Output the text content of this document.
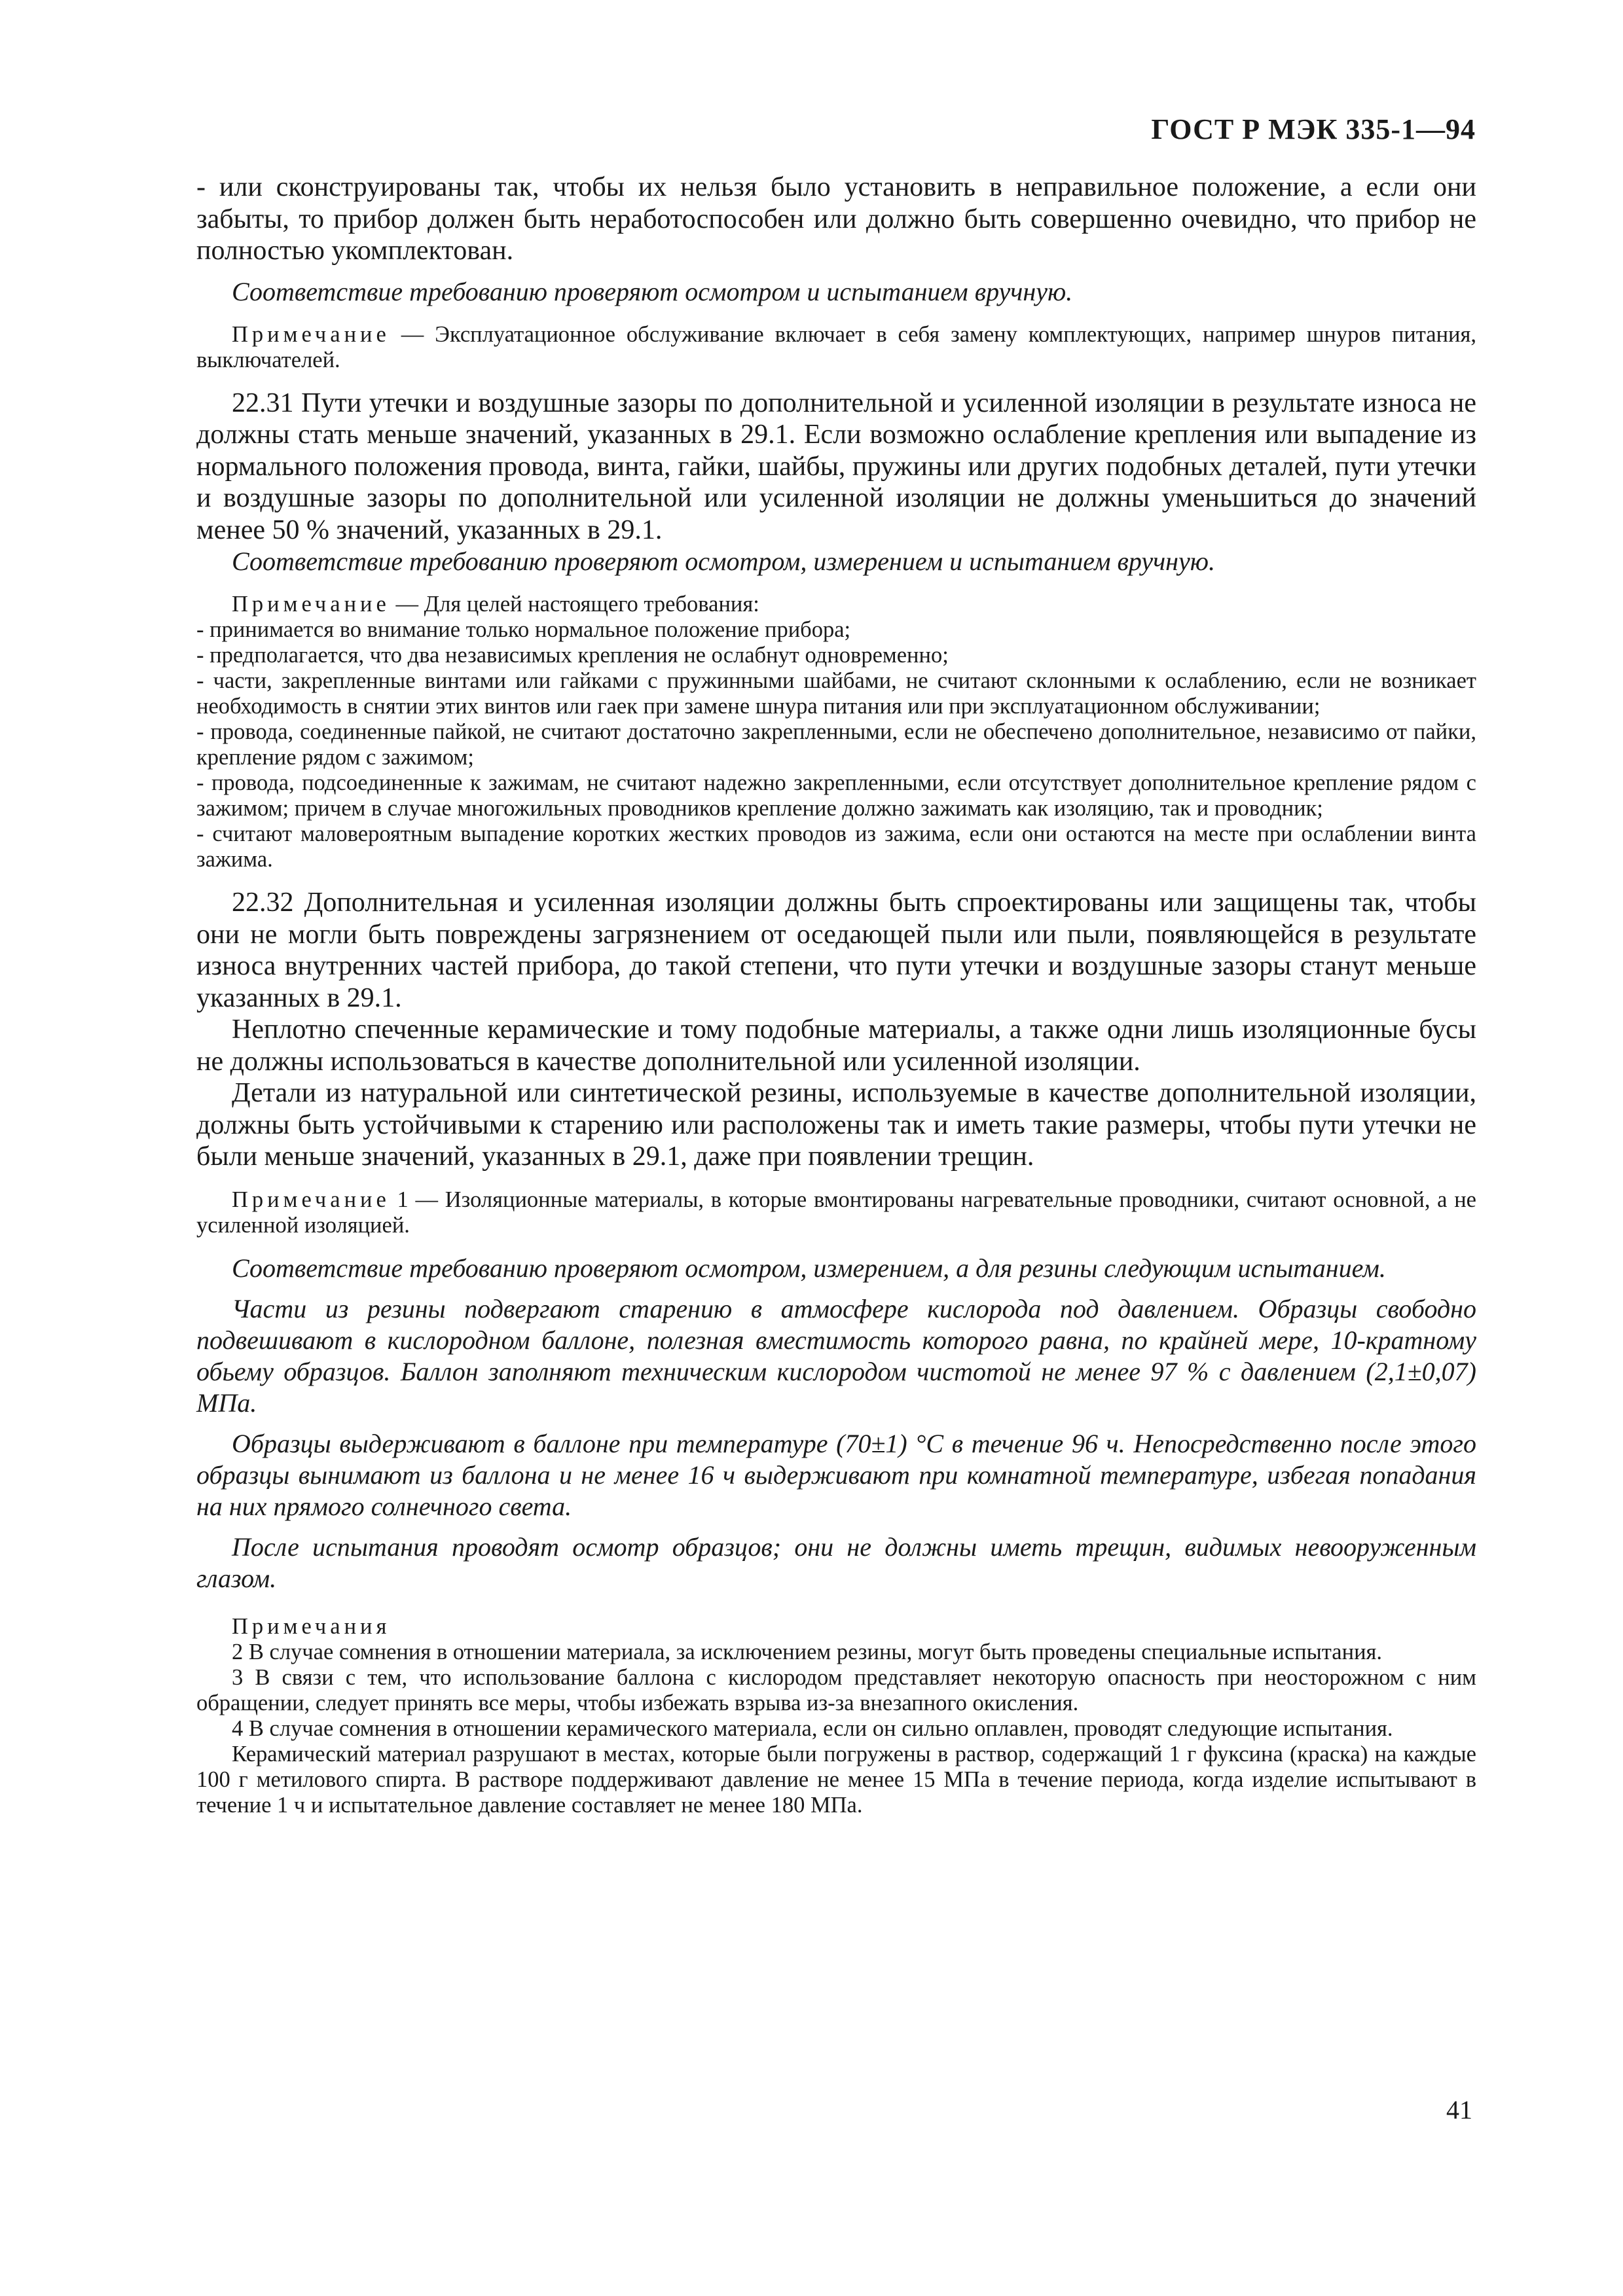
ГОСТ Р МЭК 335-1—94

- или сконструированы так, чтобы их нельзя было установить в неправильное положение, а если они забыты, то прибор должен быть неработоспособен или должно быть совершенно очевидно, что прибор не полностью укомплектован.

Соответствие требованию проверяют осмотром и испытанием вручную.

Примечание — Эксплуатационное обслуживание включает в себя замену комплектующих, например шнуров питания, выключателей.

22.31 Пути утечки и воздушные зазоры по дополнительной и усиленной изоляции в результате износа не должны стать меньше значений, указанных в 29.1. Если возможно ослабление крепления или выпадение из нормального положения провода, винта, гайки, шайбы, пружины или других подобных деталей, пути утечки и воздушные зазоры по дополнительной или усиленной изоляции не должны уменьшиться до значений менее 50 % значений, указанных в 29.1.

Соответствие требованию проверяют осмотром, измерением и испытанием вручную.

Примечание — Для целей настоящего требования:

- принимается во внимание только нормальное положение прибора;

- предполагается, что два независимых крепления не ослабнут одновременно;

- части, закрепленные винтами или гайками с пружинными шайбами, не считают склонными к ослаблению, если не возникает необходимость в снятии этих винтов или гаек при замене шнура питания или при эксплуатационном обслуживании;

- провода, соединенные пайкой, не считают достаточно закрепленными, если не обеспечено дополнительное, независимо от пайки, крепление рядом с зажимом;

- провода, подсоединенные к зажимам, не считают надежно закрепленными, если отсутствует дополнительное крепление рядом с зажимом; причем в случае многожильных проводников крепление должно зажимать как изоляцию, так и проводник;

- считают маловероятным выпадение коротких жестких проводов из зажима, если они остаются на месте при ослаблении винта зажима.

22.32 Дополнительная и усиленная изоляции должны быть спроектированы или защищены так, чтобы они не могли быть повреждены загрязнением от оседающей пыли или пыли, появляющейся в результате износа внутренних частей прибора, до такой степени, что пути утечки и воздушные зазоры станут меньше указанных в 29.1.

Неплотно спеченные керамические и тому подобные материалы, а также одни лишь изоляционные бусы не должны использоваться в качестве дополнительной или усиленной изоляции.

Детали из натуральной или синтетической резины, используемые в качестве дополнительной изоляции, должны быть устойчивыми к старению или расположены так и иметь такие размеры, чтобы пути утечки не были меньше значений, указанных в 29.1, даже при появлении трещин.

Примечание 1 — Изоляционные материалы, в которые вмонтированы нагревательные проводники, считают основной, а не усиленной изоляцией.

Соответствие требованию проверяют осмотром, измерением, а для резины следующим испытанием.

Части из резины подвергают старению в атмосфере кислорода под давлением. Образцы свободно подвешивают в кислородном баллоне, полезная вместимость которого равна, по крайней мере, 10-кратному обьему образцов. Баллон заполняют техническим кислородом чистотой не менее 97 % с давлением (2,1±0,07) МПа.

Образцы выдерживают в баллоне при температуре (70±1) °С в течение 96 ч. Непосредственно после этого образцы вынимают из баллона и не менее 16 ч выдерживают при комнатной температуре, избегая попадания на них прямого солнечного света.

После испытания проводят осмотр образцов; они не должны иметь трещин, видимых невооруженным глазом.

Примечания

2 В случае сомнения в отношении материала, за исключением резины, могут быть проведены специальные испытания.

3 В связи с тем, что использование баллона с кислородом представляет некоторую опасность при неосторожном с ним обращении, следует принять все меры, чтобы избежать взрыва из-за внезапного окисления.

4 В случае сомнения в отношении керамического материала, если он сильно оплавлен, проводят следующие испытания.

Керамический материал разрушают в местах, которые были погружены в раствор, содержащий 1 г фуксина (краска) на каждые 100 г метилового спирта. В растворе поддерживают давление не менее 15 МПа в течение периода, когда изделие испытывают в течение 1 ч и испытательное давление составляет не менее 180 МПа.

41
